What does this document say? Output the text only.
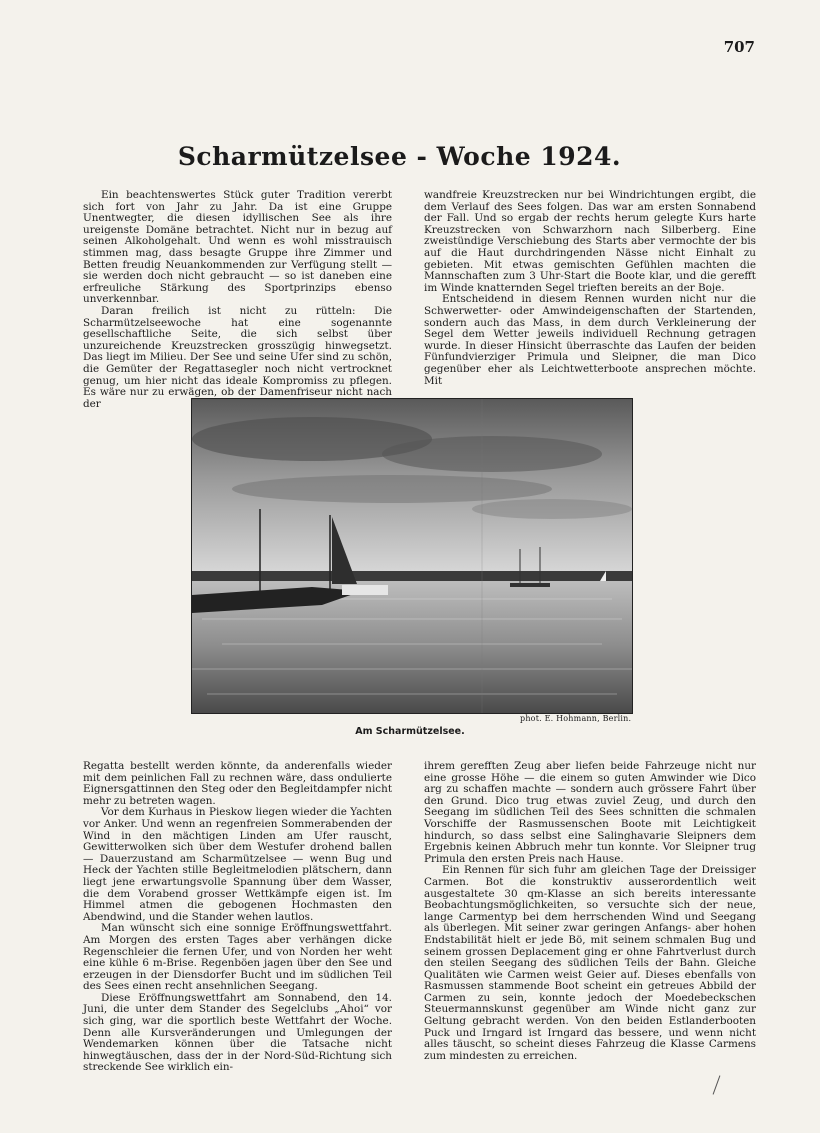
707
Scharmützelsee - Woche 1924.

Ein beachtenswertes Stück guter Tradition vererbt sich fort von Jahr zu Jahr. Da ist eine Gruppe Unentwegter, die diesen idyllischen See als ihre ureigenste Domäne betrachtet. Nicht nur in bezug auf seinen Alkoholgehalt. Und wenn es wohl misstrauisch stimmen mag, dass besagte Gruppe ihre Zimmer und Betten freudig Neuankommenden zur Verfügung stellt — sie werden doch nicht gebraucht — so ist daneben eine erfreuliche Stärkung des Sportprinzips ebenso unverkennbar.

Daran freilich ist nicht zu rütteln: Die Scharmützelseewoche hat eine sogenannte gesellschaftliche Seite, die sich selbst über unzureichende Kreuzstrecken grosszügig hinwegsetzt. Das liegt im Milieu. Der See und seine Ufer sind zu schön, die Gemüter der Regattasegler noch nicht vertrocknet genug, um hier nicht das ideale Kompromiss zu pflegen. Es wäre nur zu erwägen, ob der Damenfriseur nicht nach der

wandfreie Kreuzstrecken nur bei Windrichtungen ergibt, die dem Verlauf des Sees folgen. Das war am ersten Sonnabend der Fall. Und so ergab der rechts herum gelegte Kurs harte Kreuzstrecken von Schwarzhorn nach Silberberg. Eine zweistündige Verschiebung des Starts aber vermochte der bis auf die Haut durchdringenden Nässe nicht Einhalt zu gebieten. Mit etwas gemischten Gefühlen machten die Mannschaften zum 3 Uhr-Start die Boote klar, und die gerefft im Winde knatternden Segel trieften bereits an der Boje.

Entscheidend in diesem Rennen wurden nicht nur die Schwerwetter- oder Amwindeigenschaften der Startenden, sondern auch das Mass, in dem durch Verkleinerung der Segel dem Wetter jeweils individuell Rechnung getragen wurde. In dieser Hinsicht überraschte das Laufen der beiden Fünfundvierziger Primula und Sleipner, die man Dico gegenüber eher als Leichtwetterboote ansprechen möchte. Mit

phot. E. Hohmann, Berlin.
Am Scharmützelsee.

Regatta bestellt werden könnte, da anderenfalls wieder mit dem peinlichen Fall zu rechnen wäre, dass ondulierte Eignersgattinnen den Steg oder den Begleitdampfer nicht mehr zu betreten wagen.

Vor dem Kurhaus in Pieskow liegen wieder die Yachten vor Anker. Und wenn an regenfreien Sommerabenden der Wind in den mächtigen Linden am Ufer rauscht, Gewitterwolken sich über dem Westufer drohend ballen — Dauerzustand am Scharmützelsee — wenn Bug und Heck der Yachten stille Begleitmelodien plätschern, dann liegt jene erwartungsvolle Spannung über dem Wasser, die dem Vorabend grosser Wettkämpfe eigen ist. Im Himmel atmen die gebogenen Hochmasten den Abendwind, und die Stander wehen lautlos.

Man wünscht sich eine sonnige Eröffnungswettfahrt. Am Morgen des ersten Tages aber verhängen dicke Regenschleier die fernen Ufer, und von Norden her weht eine kühle 6 m-Brise. Regenböen jagen über den See und erzeugen in der Diensdorfer Bucht und im südlichen Teil des Sees einen recht ansehnlichen Seegang.

Diese Eröffnungswettfahrt am Sonnabend, den 14. Juni, die unter dem Stander des Segelclubs „Ahoi“ vor sich ging, war die sportlich beste Wettfahrt der Woche. Denn alle Kursveränderungen und Umlegungen der Wendemarken können über die Tatsache nicht hinwegtäuschen, dass der in der Nord-Süd-Richtung sich streckende See wirklich ein-

ihrem gerefften Zeug aber liefen beide Fahrzeuge nicht nur eine grosse Höhe — die einem so guten Amwinder wie Dico arg zu schaffen machte — sondern auch grössere Fahrt über den Grund. Dico trug etwas zuviel Zeug, und durch den Seegang im südlichen Teil des Sees schnitten die schmalen Vorschiffe der Rasmussenschen Boote mit Leichtigkeit hindurch, so dass selbst eine Salinghavarie Sleipners dem Ergebnis keinen Abbruch mehr tun konnte. Vor Sleipner trug Primula den ersten Preis nach Hause.

Ein Rennen für sich fuhr am gleichen Tage der Dreissiger Carmen. Bot die konstruktiv ausserordentlich weit ausgestaltete 30 qm-Klasse an sich bereits interessante Beobachtungsmöglichkeiten, so versuchte sich der neue, lange Carmentyp bei dem herrschenden Wind und Seegang als überlegen. Mit seiner zwar geringen Anfangs- aber hohen Endstabilität hielt er jede Bö, mit seinem schmalen Bug und seinem grossen Deplacement ging er ohne Fahrtverlust durch den steilen Seegang des südlichen Teils der Bahn. Gleiche Qualitäten wie Carmen weist Geier auf. Dieses ebenfalls von Rasmussen stammende Boot scheint ein getreues Abbild der Carmen zu sein, konnte jedoch der Moedebeckschen Steuermannskunst gegenüber am Winde nicht ganz zur Geltung gebracht werden. Von den beiden Estlanderbooten Puck und Irngard ist Irngard das bessere, und wenn nicht alles täuscht, so scheint dieses Fahrzeug die Klasse Carmens zum mindesten zu erreichen.
